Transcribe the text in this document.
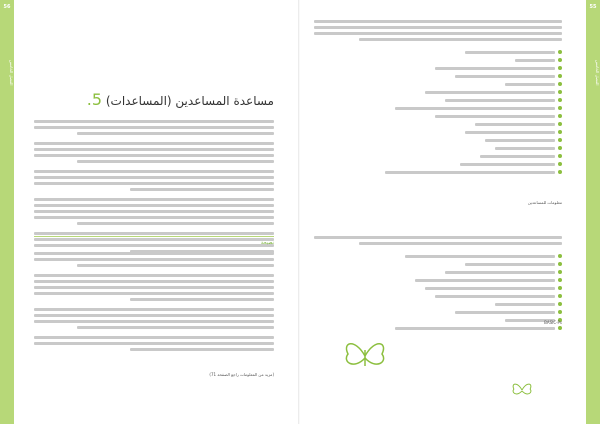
56
الفصل الخامس
مساعدة المساعدين (المساعدات) 5.
نصيحة
(مزيد من المعلومات راجع الصفحة 71)
55
الفصل الخامس
معلومات للمساعدين
BASIC-Ps
